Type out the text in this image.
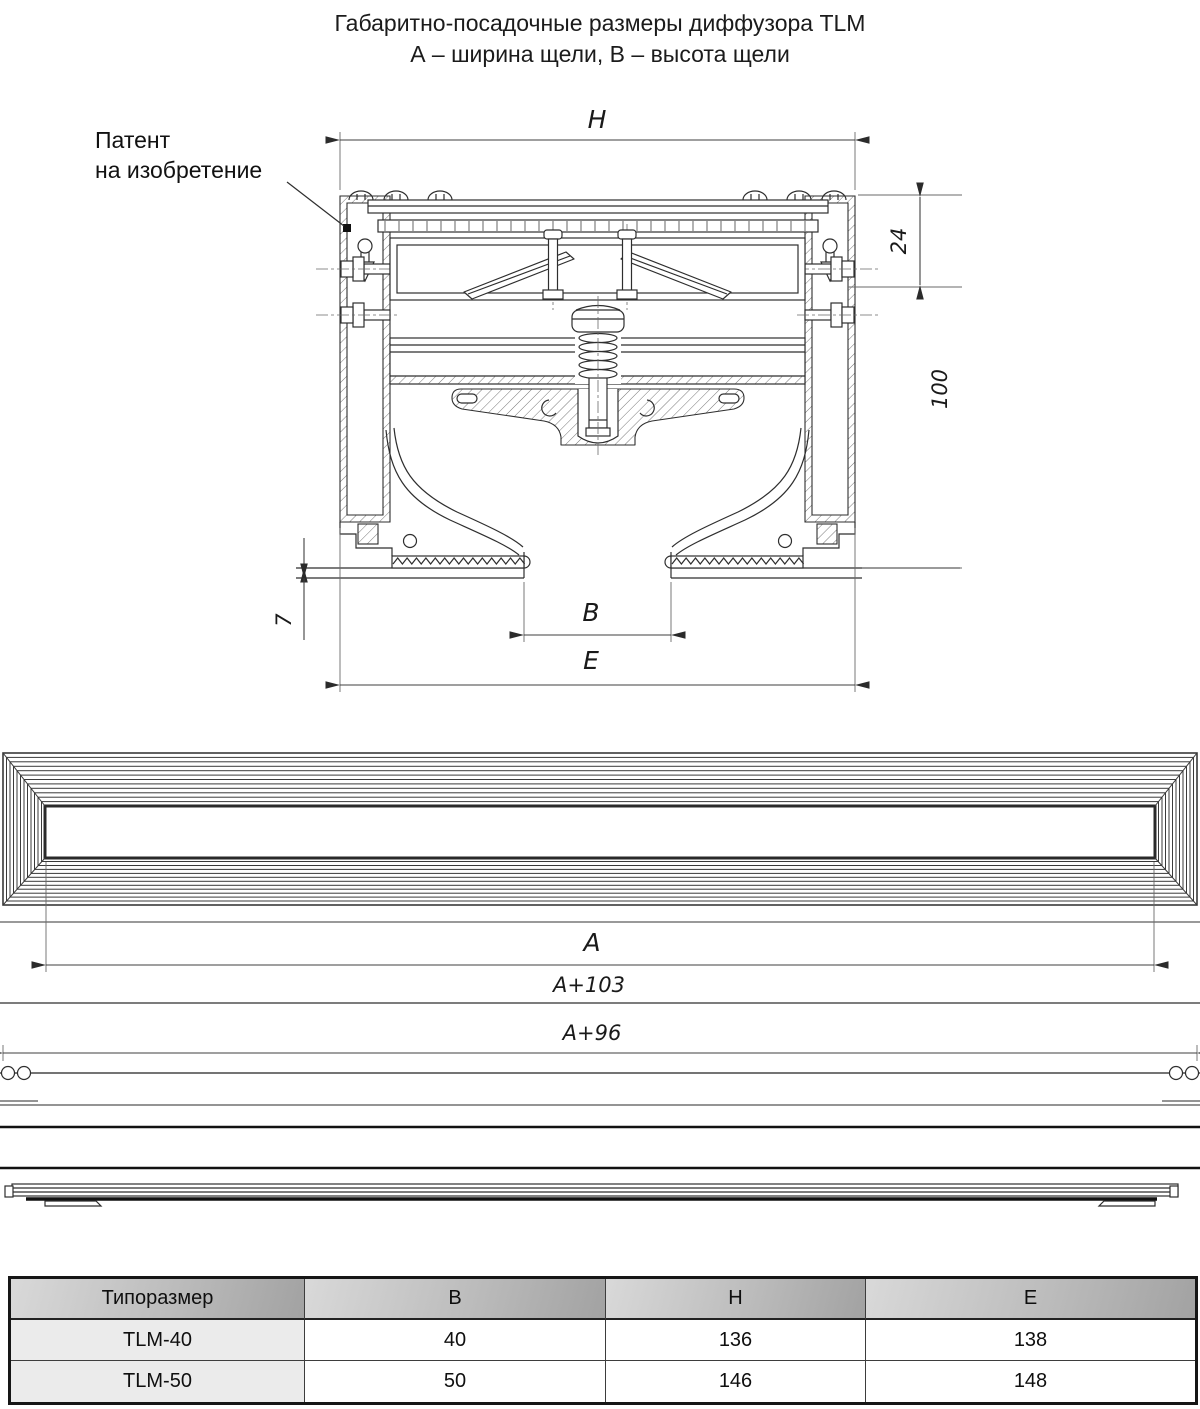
Габаритно-посадочные размеры диффузора TLM
А – ширина щели, В – высота щели
Патент
на изобретение
H
24
100
7	B
E
A
A+103
A+96
Типоразмер	B	H	E
TLM-40	40	136	138
TLM-50	50	146	148
